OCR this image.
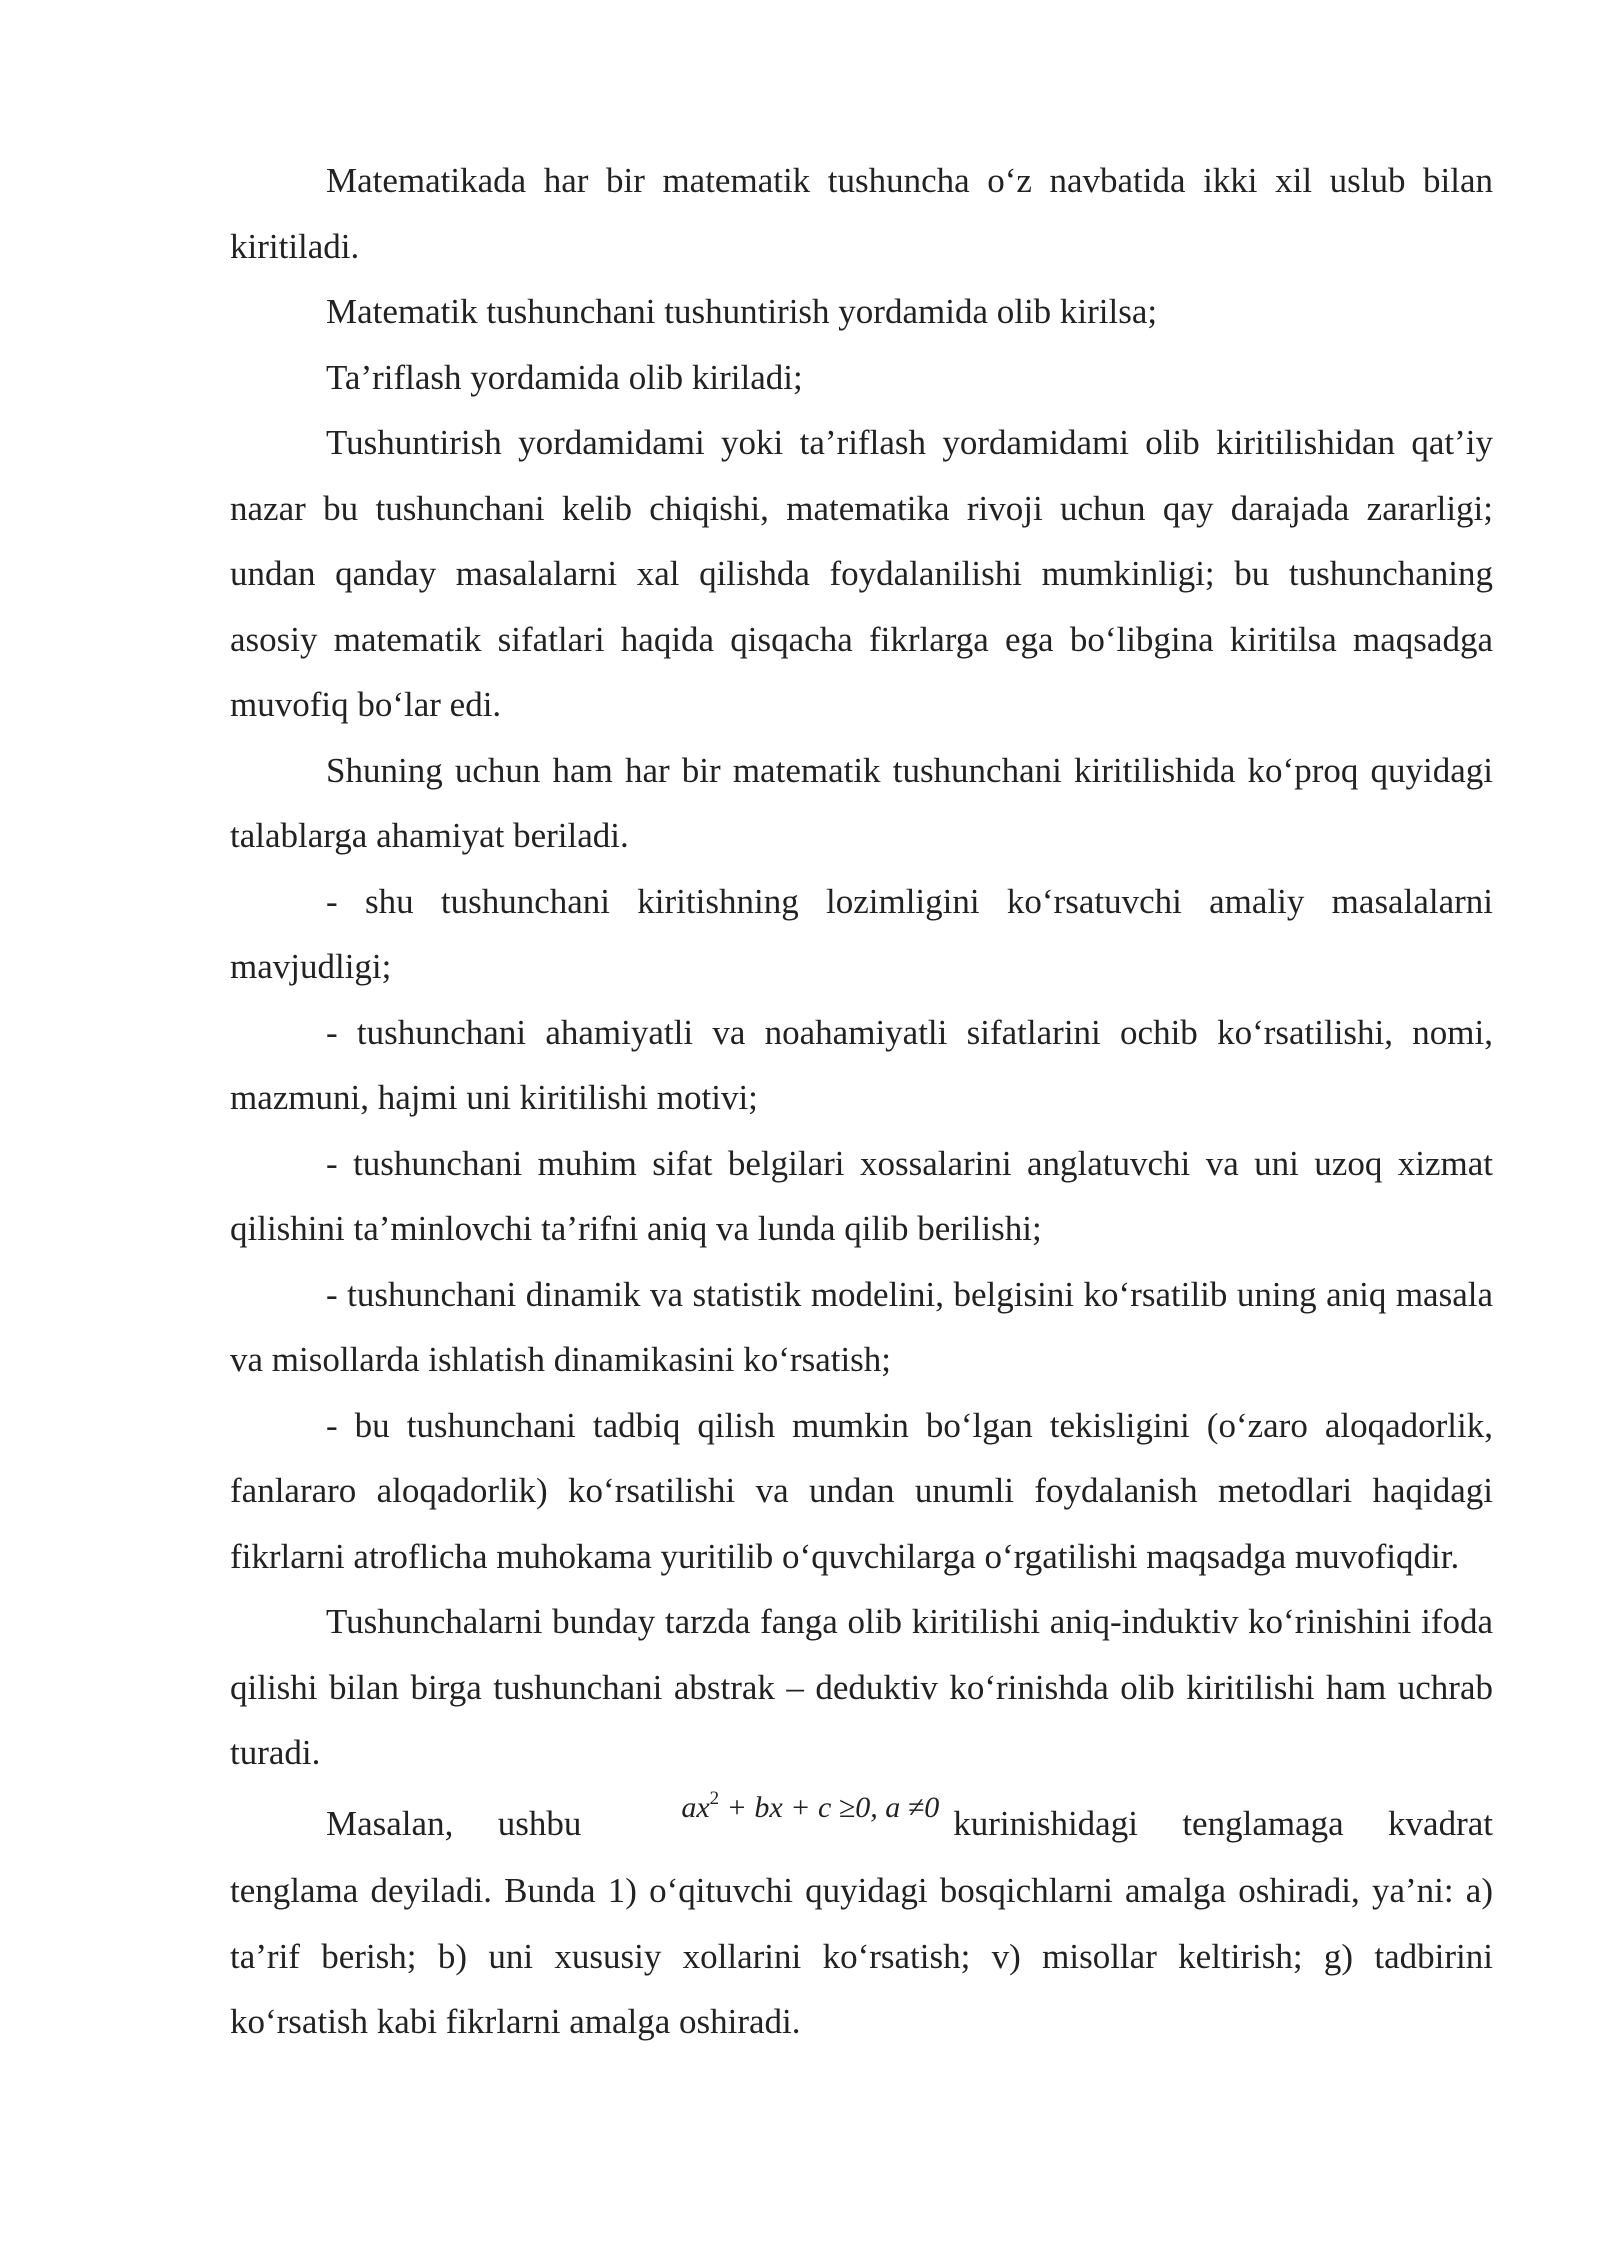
Matematikada har bir matematik tushuncha o‘z navbatida ikki xil uslub bilan kiritiladi.

Matematik tushunchani tushuntirish yordamida olib kirilsa;

Ta’riflash yordamida olib kiriladi;

Tushuntirish yordamidami yoki ta’riflash yordamidami olib kiritilishidan qat’iy nazar bu tushunchani kelib chiqishi, matematika rivoji uchun qay darajada zararligi; undan qanday masalalarni xal qilishda foydalanilishi mumkinligi; bu tushunchaning asosiy matematik sifatlari haqida qisqacha fikrlarga ega bo‘libgina kiritilsa maqsadga muvofiq bo‘lar edi.

Shuning uchun ham har bir matematik tushunchani kiritilishida ko‘proq quyidagi talablarga ahamiyat beriladi.

- shu tushunchani kiritishning lozimligini ko‘rsatuvchi amaliy masalalarni mavjudligi;

- tushunchani ahamiyatli va noahamiyatli sifatlarini ochib ko‘rsatilishi, nomi, mazmuni, hajmi uni kiritilishi motivi;

- tushunchani muhim sifat belgilari xossalarini anglatuvchi va uni uzoq xizmat qilishini ta’minlovchi ta’rifni aniq va lunda qilib berilishi;

- tushunchani dinamik va statistik modelini, belgisini ko‘rsatilib uning aniq masala va misollarda ishlatish dinamikasini ko‘rsatish;

- bu tushunchani tadbiq qilish mumkin bo‘lgan tekisligini (o‘zaro aloqadorlik, fanlararo aloqadorlik) ko‘rsatilishi va undan unumli foydalanish metodlari haqidagi fikrlarni atroflicha muhokama yuritilib o‘quvchilarga o‘rgatilishi maqsadga muvofiqdir.

Tushunchalarni bunday tarzda fanga olib kiritilishi aniq-induktiv ko‘rinishini ifoda qilishi bilan birga tushunchani abstrak – deduktiv ko‘rinishda olib kiritilishi ham uchrab turadi.

Masalan, ushbu	$ax^2$ + bx + c ≥0, a ≠0 kurinishidagi tenglamaga kvadrat tenglama deyiladi. Bunda 1) o‘qituvchi quyidagi bosqichlarni amalga oshiradi, ya’ni: a) ta’rif berish; b) uni xususiy xollarini ko‘rsatish; v) misollar keltirish; g) tadbirini ko‘rsatish kabi fikrlarni amalga oshiradi.
